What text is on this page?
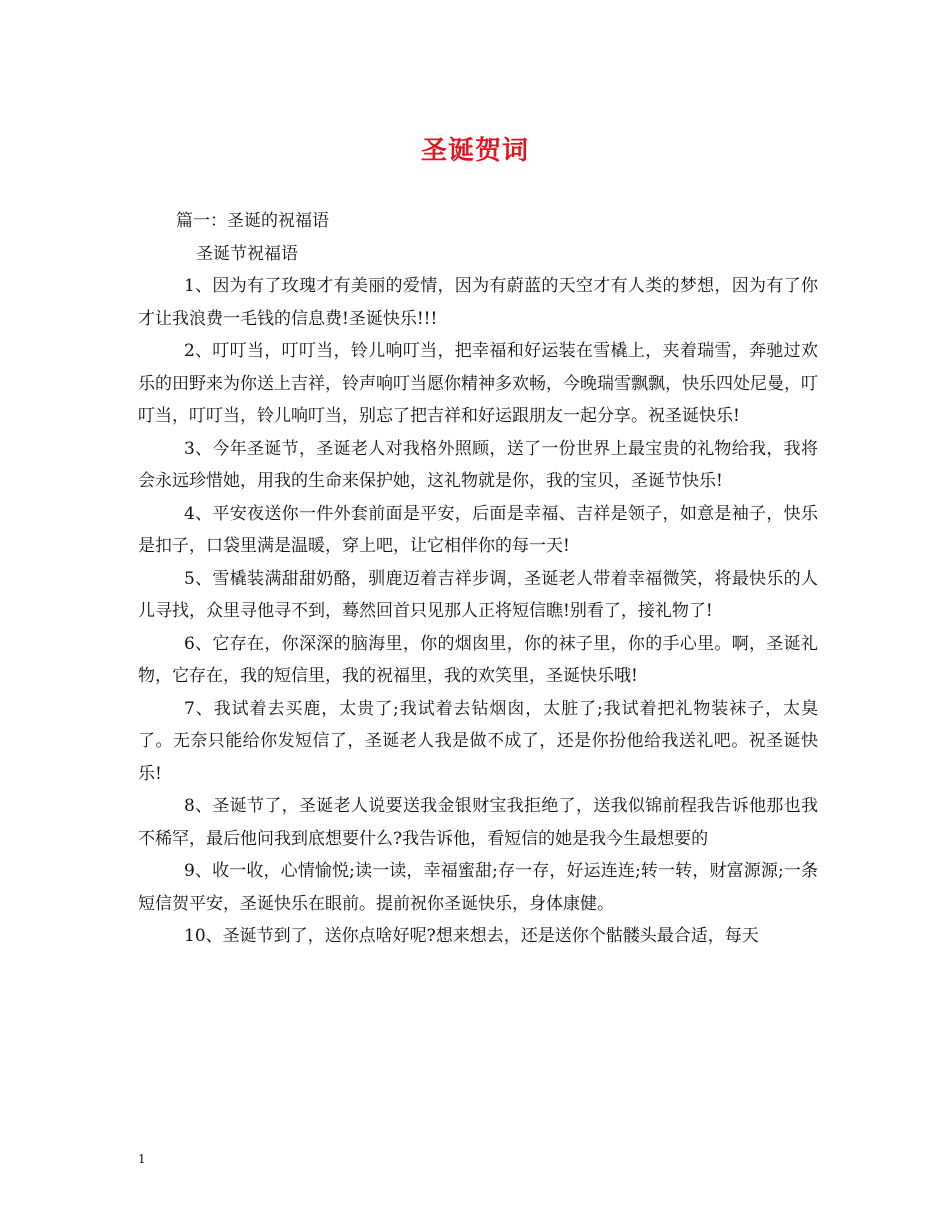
圣诞贺词

篇一：圣诞的祝福语

圣诞节祝福语

1、因为有了玫瑰才有美丽的爱情，因为有蔚蓝的天空才有人类的梦想，因为有了你才让我浪费一毛钱的信息费!圣诞快乐!!!

2、叮叮当，叮叮当，铃儿响叮当，把幸福和好运装在雪橇上，夹着瑞雪，奔驰过欢乐的田野来为你送上吉祥，铃声响叮当愿你精神多欢畅，今晚瑞雪飘飘，快乐四处尼曼，叮叮当，叮叮当，铃儿响叮当，别忘了把吉祥和好运跟朋友一起分享。祝圣诞快乐!

3、今年圣诞节，圣诞老人对我格外照顾，送了一份世界上最宝贵的礼物给我，我将会永远珍惜她，用我的生命来保护她，这礼物就是你，我的宝贝，圣诞节快乐!

4、平安夜送你一件外套前面是平安，后面是幸福、吉祥是领子，如意是袖子，快乐是扣子，口袋里满是温暖，穿上吧，让它相伴你的每一天!

5、雪橇装满甜甜奶酪，驯鹿迈着吉祥步调，圣诞老人带着幸福微笑，将最快乐的人儿寻找，众里寻他寻不到，蓦然回首只见那人正将短信瞧!别看了，接礼物了!

6、它存在，你深深的脑海里，你的烟囱里，你的袜子里，你的手心里。啊，圣诞礼物，它存在，我的短信里，我的祝福里，我的欢笑里，圣诞快乐哦!

7、我试着去买鹿，太贵了;我试着去钻烟囱，太脏了;我试着把礼物装袜子，太臭了。无奈只能给你发短信了，圣诞老人我是做不成了，还是你扮他给我送礼吧。祝圣诞快乐!

8、圣诞节了，圣诞老人说要送我金银财宝我拒绝了，送我似锦前程我告诉他那也我不稀罕，最后他问我到底想要什么?我告诉他，看短信的她是我今生最想要的

9、收一收，心情愉悦;读一读，幸福蜜甜;存一存，好运连连;转一转，财富源源;一条短信贺平安，圣诞快乐在眼前。提前祝你圣诞快乐，身体康健。

10、圣诞节到了，送你点啥好呢?想来想去，还是送你个骷髅头最合适，每天

1
